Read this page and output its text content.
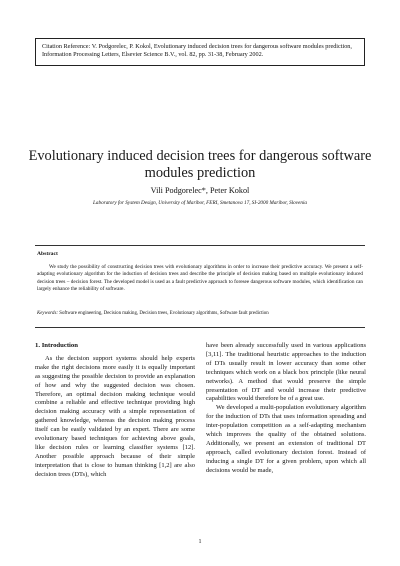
Citation Reference: V. Podgorelec, P. Kokol, Evolutionary induced decision trees for dangerous software modules prediction, Information Processing Letters, Elsevier Science B.V., vol. 82, pp. 31-38, February 2002.
Evolutionary induced decision trees for dangerous software modules prediction
Vili Podgorelec*, Peter Kokol
Laboratory for System Design, University of Maribor, FERI, Smetanova 17, SI-2000 Maribor, Slovenia
Abstract
We study the possibility of constructing decision trees with evolutionary algorithms in order to increase their predictive accuracy. We present a self-adapting evolutionary algorithm for the induction of decision trees and describe the principle of decision making based on multiple evolutionary induced decision trees – decision forest. The developed model is used as a fault predictive approach to foresee dangerous software modules, which identification can largely enhance the reliability of software.
Keywords: Software engineering, Decision making, Decision trees, Evolutionary algorithms, Software fault prediction
1. Introduction

As the decision support systems should help experts make the right decisions more easily it is equally important as suggesting the possible decision to provide an explanation of how and why the suggested decision was chosen. Therefore, an optimal decision making technique would combine a reliable and effective technique providing high decision making accuracy with a simple representation of gathered knowledge, whereas the decision making process itself can be easily validated by an expert. There are some evolutionary based techniques for achieving above goals, like decision rules or learning classifier systems [12]. Another possible approach because of their simple interpretation that is close to human thinking [1,2] are also decision trees (DTs), which

have been already successfully used in various applications [3,11]. The traditional heuristic approaches to the induction of DTs usually result in lower accuracy than some other techniques which work on a black box principle (like neural networks). A method that would preserve the simple presentation of DT and would increase their predictive capabilities would therefore be of a great use.

We developed a multi-population evolutionary algorithm for the induction of DTs that uses information spreading and inter-population competition as a self-adapting mechanism which improves the quality of the obtained solutions. Additionally, we present an extension of traditional DT approach, called evolutionary decision forest. Instead of inducing a single DT for a given problem, upon which all decisions would be made,

1
